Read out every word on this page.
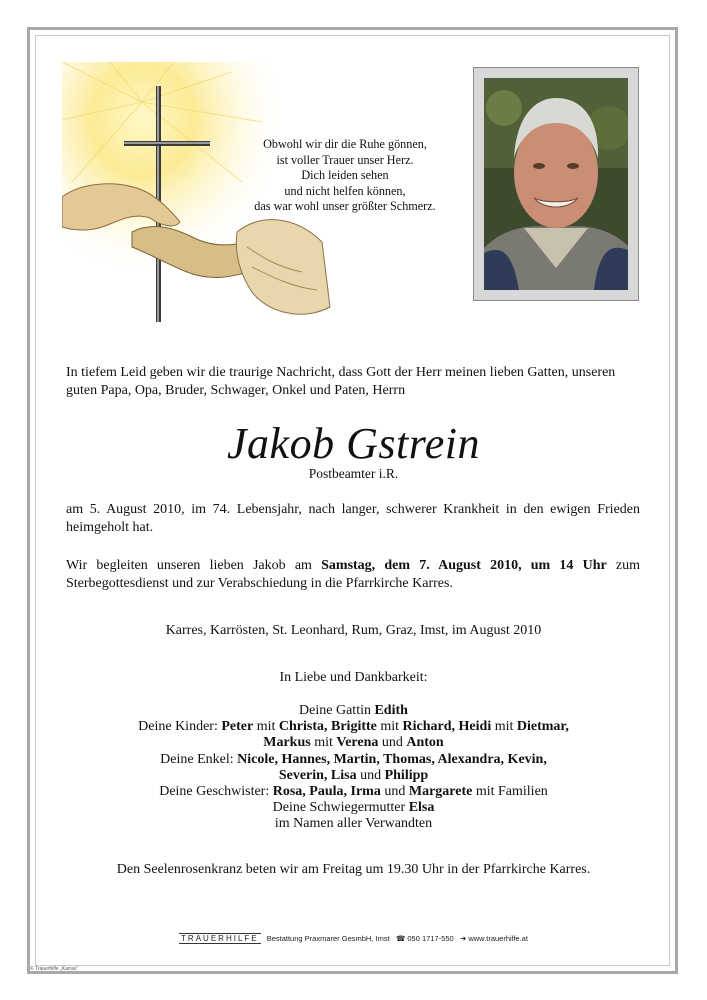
Obwohl wir dir die Ruhe gönnen,
ist voller Trauer unser Herz.
Dich leiden sehen
und nicht helfen können,
das war wohl unser größter Schmerz.
In tiefem Leid geben wir die traurige Nachricht, dass Gott der Herr meinen lieben Gatten, unseren guten Papa, Opa, Bruder, Schwager, Onkel und Paten, Herrn
Jakob Gstrein
Postbeamter i.R.
am 5. August 2010, im 74. Lebensjahr, nach langer, schwerer Krankheit in den ewigen Frieden heimgeholt hat.
Wir begleiten unseren lieben Jakob am Samstag, dem 7. August 2010, um 14 Uhr zum Sterbegottesdienst und zur Verabschiedung in die Pfarrkirche Karres.
Karres, Karrösten, St. Leonhard, Rum, Graz, Imst, im August 2010
In Liebe und Dankbarkeit:
Deine Gattin Edith
Deine Kinder: Peter mit Christa, Brigitte mit Richard, Heidi mit Dietmar,
Markus mit Verena und Anton
Deine Enkel: Nicole, Hannes, Martin, Thomas, Alexandra, Kevin,
Severin, Lisa und Philipp
Deine Geschwister: Rosa, Paula, Irma und Margarete mit Familien
Deine Schwiegermutter Elsa
im Namen aller Verwandten
Den Seelenrosenkranz beten wir am Freitag um 19.30 Uhr in der Pfarrkirche Karres.
TRAUERHILFE Bestattung Praxmarer GesmbH, Imst ☎ 050 1717-550 ➜ www.trauerhilfe.at
© Trauerhilfe „Karras“
